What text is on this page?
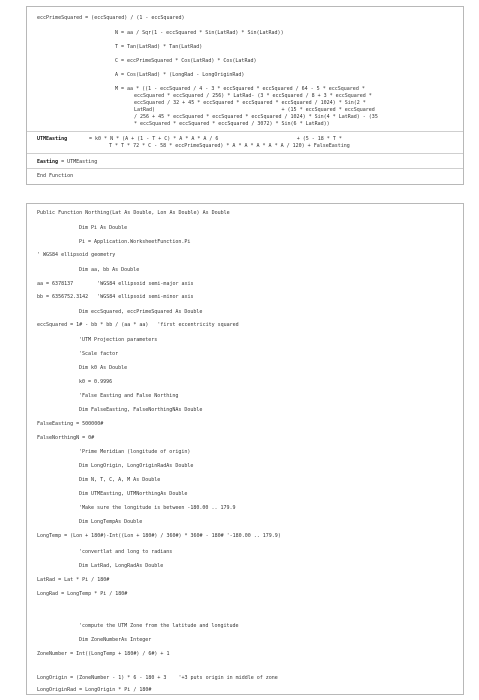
eccPrimeSquared = (eccSquared) / (1 - eccSquared)
N = aa / Sqr(1 - eccSquared * Sin(LatRad) * Sin(LatRad))
T = Tan(LatRad) * Tan(LatRad)
C = eccPrimeSquared * Cos(LatRad) * Cos(LatRad)
A = Cos(LatRad) * (LongRad - LongOriginRad)
M = aa * ((1 - eccSquared / 4 - 3 * eccSquared * eccSquared / 64 - 5 * eccSquared *
eccSquared * eccSquared / 256) * LatRad- (3 * eccSquared / 8 + 3 * eccSquared *
eccSquared / 32 + 45 * eccSquared * eccSquared * eccSquared / 1024) * Sin(2 *
LatRad)                                          + (15 * eccSquared * eccSquared
/ 256 + 45 * eccSquared * eccSquared * eccSquared / 1024) * Sin(4 * LatRad) - (35
* eccSquared * eccSquared * eccSquared / 3072) * Sin(6 * LatRad))
UTMEasting	= k0 * N * (A + (1 - T + C) * A * A * A / 6                          + (5 - 18 * T *
T * T * 72 * C - 58 * eccPrimeSquared) * A * A * A * A * A / 120) + FalseEasting
Easting = UTMEasting
End Function
Public Function Northing(Lat As Double, Lon As Double) As Double
Dim Pi As Double
Pi = Application.WorksheetFunction.Pi
' WGS84 ellipsoid geometry
Dim aa, bb As Double
aa = 6378137        'WGS84 ellipsoid semi-major axis
bb = 6356752.3142   'WGS84 ellipsoid semi-minor axis
Dim eccSquared, eccPrimeSquared As Double
eccSquared = 1# - bb * bb / (aa * aa)   'first eccentricity squared
'UTM Projection parameters
'Scale factor
Dim k0 As Double
k0 = 0.9996
'False Easting and False Northing
Dim FalseEasting, FalseNorthingNAs Double
FalseEasting = 500000#
FalseNorthingN = 0#
'Prime Meridian (longitude of origin)
Dim LongOrigin, LongOriginRadAs Double
Dim N, T, C, A, M As Double
Dim UTMEasting, UTMNorthingAs Double
'Make sure the longitude is between -180.00 .. 179.9
Dim LongTempAs Double
LongTemp = (Lon + 180#)-Int((Lon + 180#) / 360#) * 360# - 180# '-180.00 .. 179.9)
'convertlat and long to radians
Dim LatRad, LongRadAs Double
LatRad = Lat * Pi / 180#
LongRad = LongTemp * Pi / 180#
'compute the UTM Zone from the latitude and longitude
Dim ZoneNumberAs Integer
ZoneNumber = Int((LongTemp + 180#) / 6#) + 1
LongOrigin = (ZoneNumber - 1) * 6 - 180 + 3    '+3 puts origin in middle of zone
LongOriginRad = LongOrigin * Pi / 180#
